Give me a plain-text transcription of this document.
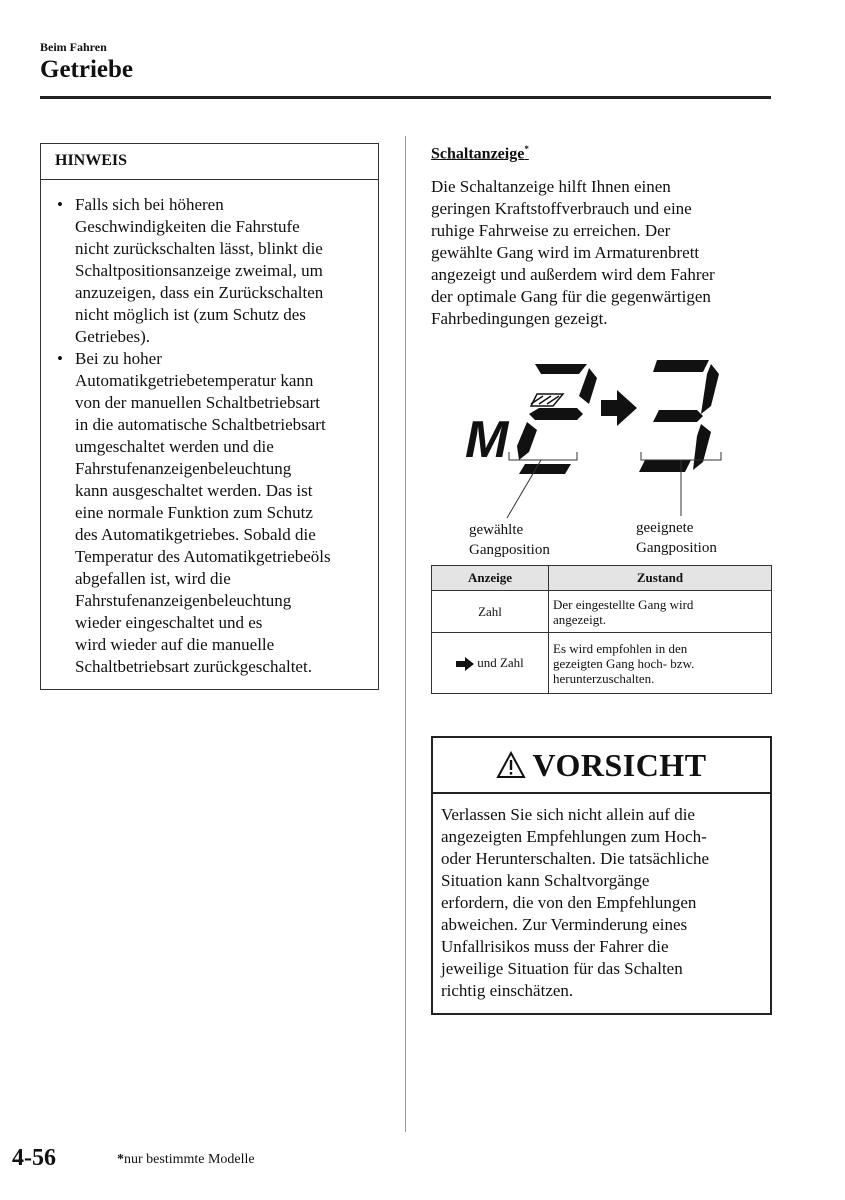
Beim Fahren
Getriebe
HINWEIS
• Falls sich bei höheren
Geschwindigkeiten die Fahrstufe
nicht zurückschalten lässt, blinkt die
Schaltpositionsanzeige zweimal, um
anzuzeigen, dass ein Zurückschalten
nicht möglich ist (zum Schutz des
Getriebes).
• Bei zu hoher
Automatikgetriebetemperatur kann
von der manuellen Schaltbetriebsart
in die automatische Schaltbetriebsart
umgeschaltet werden und die
Fahrstufenanzeigenbeleuchtung
kann ausgeschaltet werden. Das ist
eine normale Funktion zum Schutz
des Automatikgetriebes. Sobald die
Temperatur des Automatikgetriebeöls
abgefallen ist, wird die
Fahrstufenanzeigenbeleuchtung
wieder eingeschaltet und es
wird wieder auf die manuelle
Schaltbetriebsart zurückgeschaltet.
Schaltanzeige*
Die Schaltanzeige hilft Ihnen einen
geringen Kraftstoffverbrauch und eine
ruhige Fahrweise zu erreichen. Der
gewählte Gang wird im Armaturenbrett
angezeigt und außerdem wird dem Fahrer
der optimale Gang für die gegenwärtigen
Fahrbedingungen gezeigt.
M
gewählte
Gangposition
geeignete
Gangposition
Anzeige	Zustand
Zahl	Der eingestellte Gang wird
angezeigt.
und Zahl	Es wird empfohlen in den
gezeigten Gang hoch- bzw.
herunterzuschalten.
VORSICHT
Verlassen Sie sich nicht allein auf die
angezeigten Empfehlungen zum Hoch-
oder Herunterschalten. Die tatsächliche
Situation kann Schaltvorgänge
erfordern, die von den Empfehlungen
abweichen. Zur Verminderung eines
Unfallrisikos muss der Fahrer die
jeweilige Situation für das Schalten
richtig einschätzen.
4-56	*nur bestimmte Modelle
